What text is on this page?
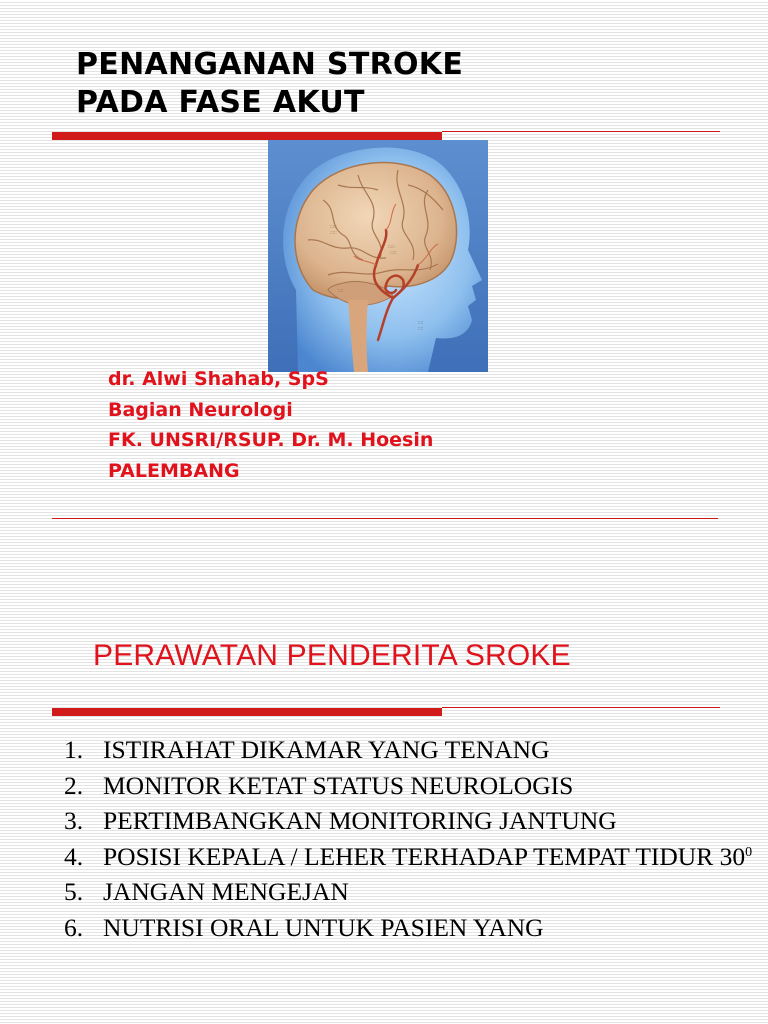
PENANGANAN STROKE
PADA FASE AKUT
:::::
:::::
:::::
:::::
::::
::::
::::
dr. Alwi Shahab, SpS
Bagian Neurologi
FK. UNSRI/RSUP. Dr. M. Hoesin
PALEMBANG
PERAWATAN PENDERITA SROKE
1. ISTIRAHAT DIKAMAR YANG TENANG
2. MONITOR KETAT STATUS NEUROLOGIS
3. PERTIMBANGKAN MONITORING JANTUNG
4. POSISI KEPALA / LEHER TERHADAP TEMPAT TIDUR $30^0$
5. JANGAN MENGEJAN
6. NUTRISI ORAL UNTUK PASIEN YANG
